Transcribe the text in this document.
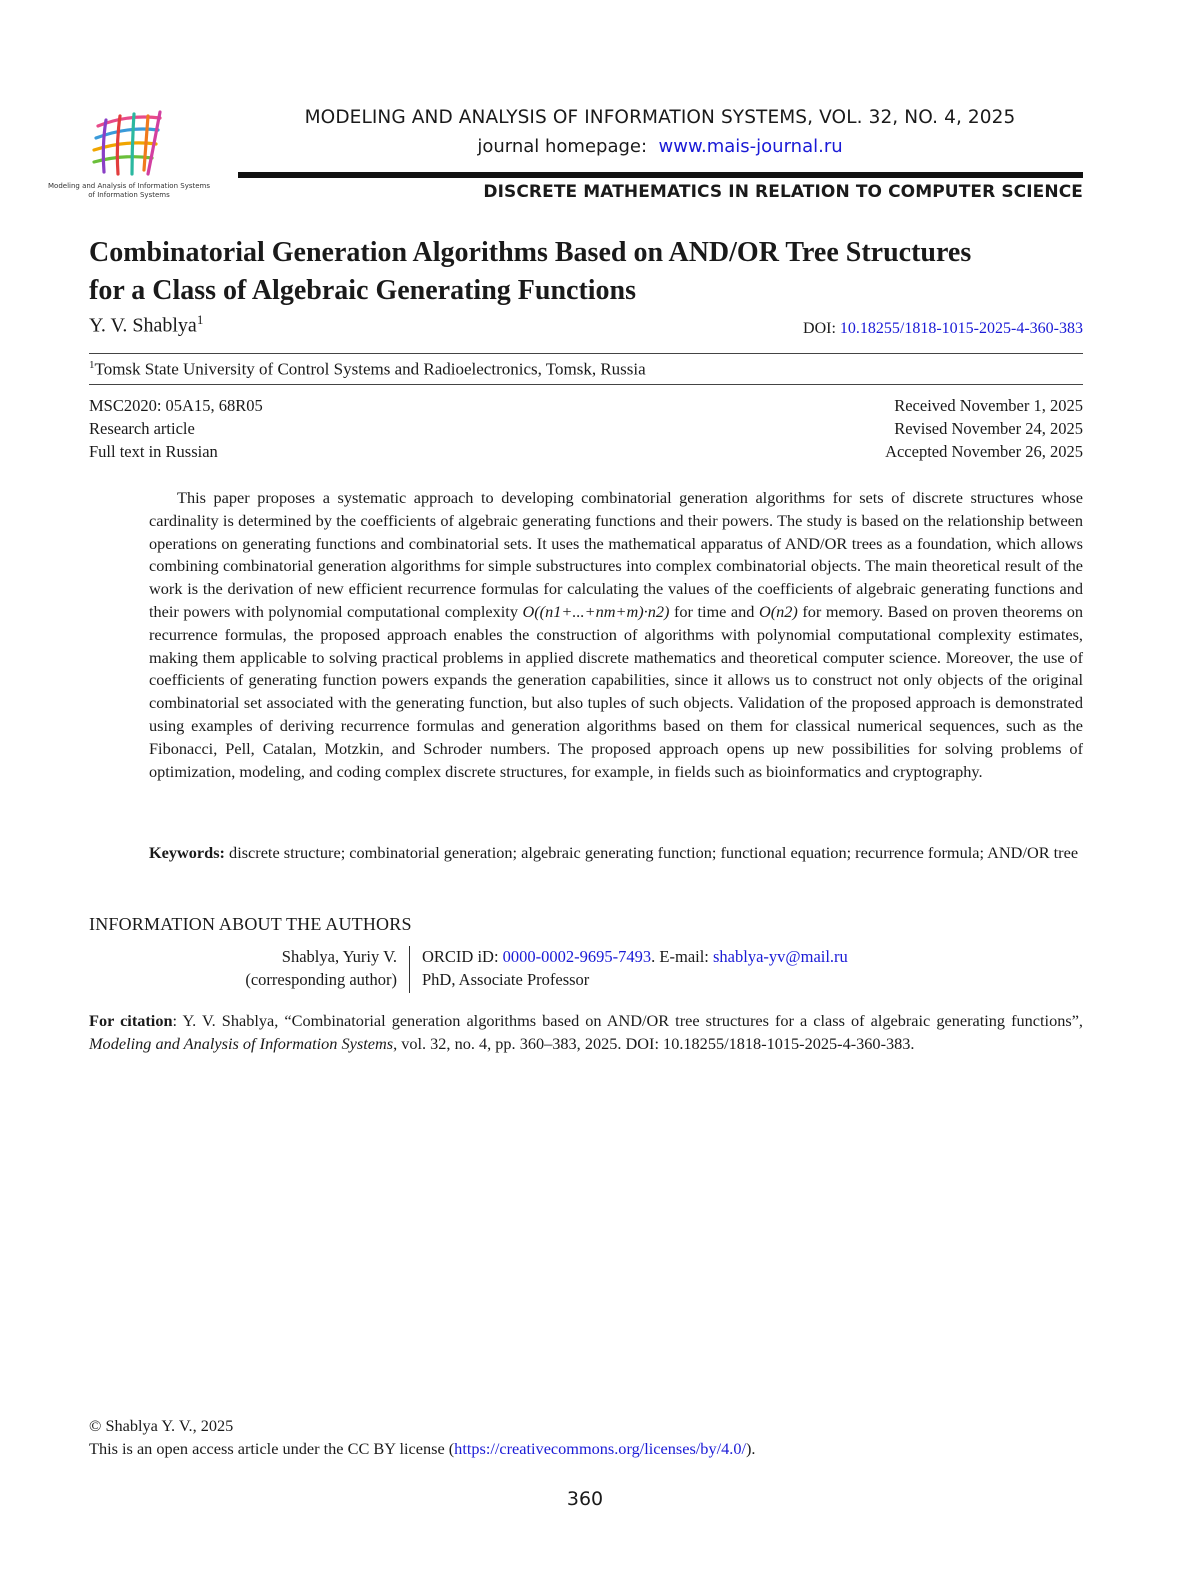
Modeling and Analysis of Information Systems
of Information Systems
MODELING AND ANALYSIS OF INFORMATION SYSTEMS, VOL. 32, NO. 4, 2025
journal homepage: www.mais-journal.ru
DISCRETE MATHEMATICS IN RELATION TO COMPUTER SCIENCE
Combinatorial Generation Algorithms Based on AND/OR Tree Structures
for a Class of Algebraic Generating Functions
Y. V. Shablya$^1$
DOI: 10.18255/1818-1015-2025-4-360-383
$^1$Tomsk State University of Control Systems and Radioelectronics, Tomsk, Russia
MSC2020: 05A15, 68R05
Research article
Full text in Russian
Received November 1, 2025
Revised November 24, 2025
Accepted November 26, 2025

This paper proposes a systematic approach to developing combinatorial generation algorithms for sets of discrete structures whose cardinality is determined by the coefficients of algebraic generating functions and their powers. The study is based on the relationship between operations on generating functions and combinatorial sets. It uses the mathematical apparatus of AND/OR trees as a foundation, which allows combining combinatorial generation algorithms for simple substructures into complex combinatorial objects. The main theoretical result of the work is the derivation of new efficient recurrence formulas for calculating the values of the coefficients of algebraic generating functions and their powers with polynomial computational complexity O((n1+...+nm+m)·n2) for time and O(n2) for memory. Based on proven theorems on recurrence formulas, the proposed approach enables the construction of algorithms with polynomial computational complexity estimates, making them applicable to solving practical problems in applied discrete mathematics and theoretical computer science. Moreover, the use of coefficients of generating function powers expands the generation capabilities, since it allows us to construct not only objects of the original combinatorial set associated with the generating function, but also tuples of such objects. Validation of the proposed approach is demonstrated using examples of deriving recurrence formulas and generation algorithms based on them for classical numerical sequences, such as the Fibonacci, Pell, Catalan, Motzkin, and Schroder numbers. The proposed approach opens up new possibilities for solving problems of optimization, modeling, and coding complex discrete structures, for example, in fields such as bioinformatics and cryptography.

Keywords: discrete structure; combinatorial generation; algebraic generating function; functional equation; recurrence formula; AND/OR tree

INFORMATION ABOUT THE AUTHORS
Shablya, Yuriy V.
(corresponding author)
ORCID iD: 0000-0002-9695-7493. E-mail: shablya-yv@mail.ru
PhD, Associate Professor

For citation: Y. V. Shablya, “Combinatorial generation algorithms based on AND/OR tree structures for a class of algebraic generating functions”, Modeling and Analysis of Information Systems, vol. 32, no. 4, pp. 360–383, 2025. DOI: 10.18255/1818-1015-2025-4-360-383.

© Shablya Y. V., 2025
This is an open access article under the CC BY license (https://creativecommons.org/licenses/by/4.0/).
360
